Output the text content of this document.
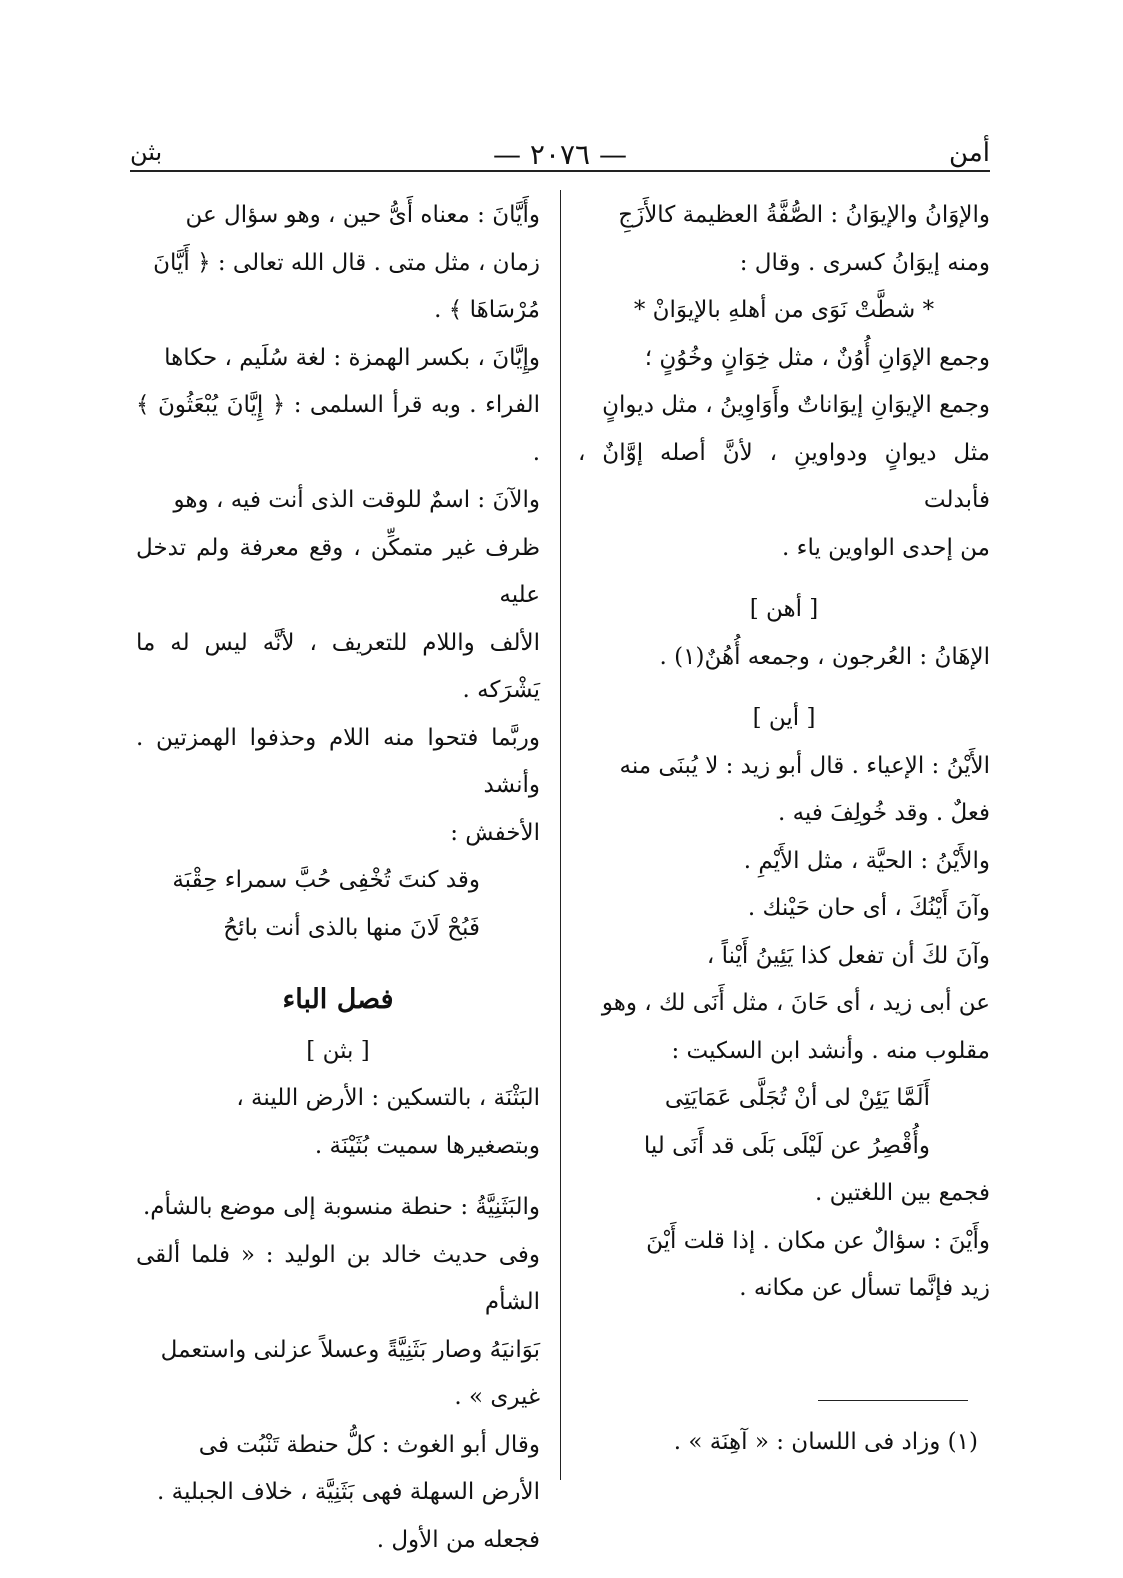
أمن
— ٢٠٧٦ —
بثن

والإوَانُ والإيوَانُ : الصُّفَّةُ العظيمة كالأَزَجِ

ومنه إيوَانُ كسرى . وقال :

* شطَّتْ نَوَى من أهلهِ بالإيوَانْ *

وجمع الإوَانِ أُوُنٌ ، مثل خِوَانٍ وخُوُنٍ ؛

وجمع الإيوَانِ إيوَاناتٌ وأَوَاوِينُ ، مثل ديوانٍ

مثل ديوانٍ ودواوينِ ، لأنَّ أصله إوَّانٌ ، فأبدلت

من إحدى الواوين ياء .

[ أهن ]

الإهَانُ : العُرجون ، وجمعه أُهُنٌ(١) .

[ أين ]

الأَيْنُ : الإعياء . قال أبو زيد : لا يُبنَى منه

فعلٌ . وقد خُولِفَ فيه .

والأَيْنُ : الحيَّة ، مثل الأَيْمِ .

وآنَ أَيْنُكَ ، أى حان حَيْنك .

وآنَ لكَ أن تفعل كذا يَئِينُ أَيْناً ،

عن أبى زيد ، أى حَانَ ، مثل أَنَى لك ، وهو

مقلوب منه . وأنشد ابن السكيت :

أَلَمَّا يَئِنْ لى أنْ تُجَلَّى عَمَايَتِى

وأُقْصِرُ عن لَيْلَى بَلَى قد أَنَى ليا

فجمع بين اللغتين .

وأَيْنَ : سؤالٌ عن مكان . إذا قلت أَيْنَ

زيد فإنَّما تسأل عن مكانه .

وأَيَّانَ : معناه أَىُّ حين ، وهو سؤال عن

زمان ، مثل متى . قال الله تعالى : ﴿ أَيَّانَ

مُرْسَاهَا ﴾ .

وإِيَّانَ ، بكسر الهمزة : لغة سُلَيم ، حكاها

الفراء . وبه قرأ السلمى : ﴿ إِيَّانَ يُبْعَثُونَ ﴾ .

والآنَ : اسمٌ للوقت الذى أنت فيه ، وهو

ظرف غير متمكِّن ، وقع معرفة ولم تدخل عليه

الألف واللام للتعريف ، لأنَّه ليس له ما يَشْرَكه .

وربَّما فتحوا منه اللام وحذفوا الهمزتين . وأنشد

الأخفش :

وقد كنتَ تُخْفِى حُبَّ سمراء حِقْبَة

فَبُحْ لَانَ منها بالذى أنت بائحُ

فصل الباء

[ بثن ]

البَثْنَة ، بالتسكين : الأرض اللينة ،

وبتصغيرها سميت بُثَيْنَة .

والبَثَنِيَّةُ : حنطة منسوبة إلى موضع بالشأم.

وفى حديث خالد بن الوليد : « فلما ألقى الشأم

بَوَانيَهُ وصار بَثَنِيَّةً وعسلاً عزلنى واستعمل

غيرى » .

وقال أبو الغوث : كلُّ حنطة تَنْبُت فى

الأرض السهلة فهى بَثَنِيَّة ، خلاف الجبلية .

فجعله من الأول .

(١) وزاد فى اللسان : « آهِنَة » .
